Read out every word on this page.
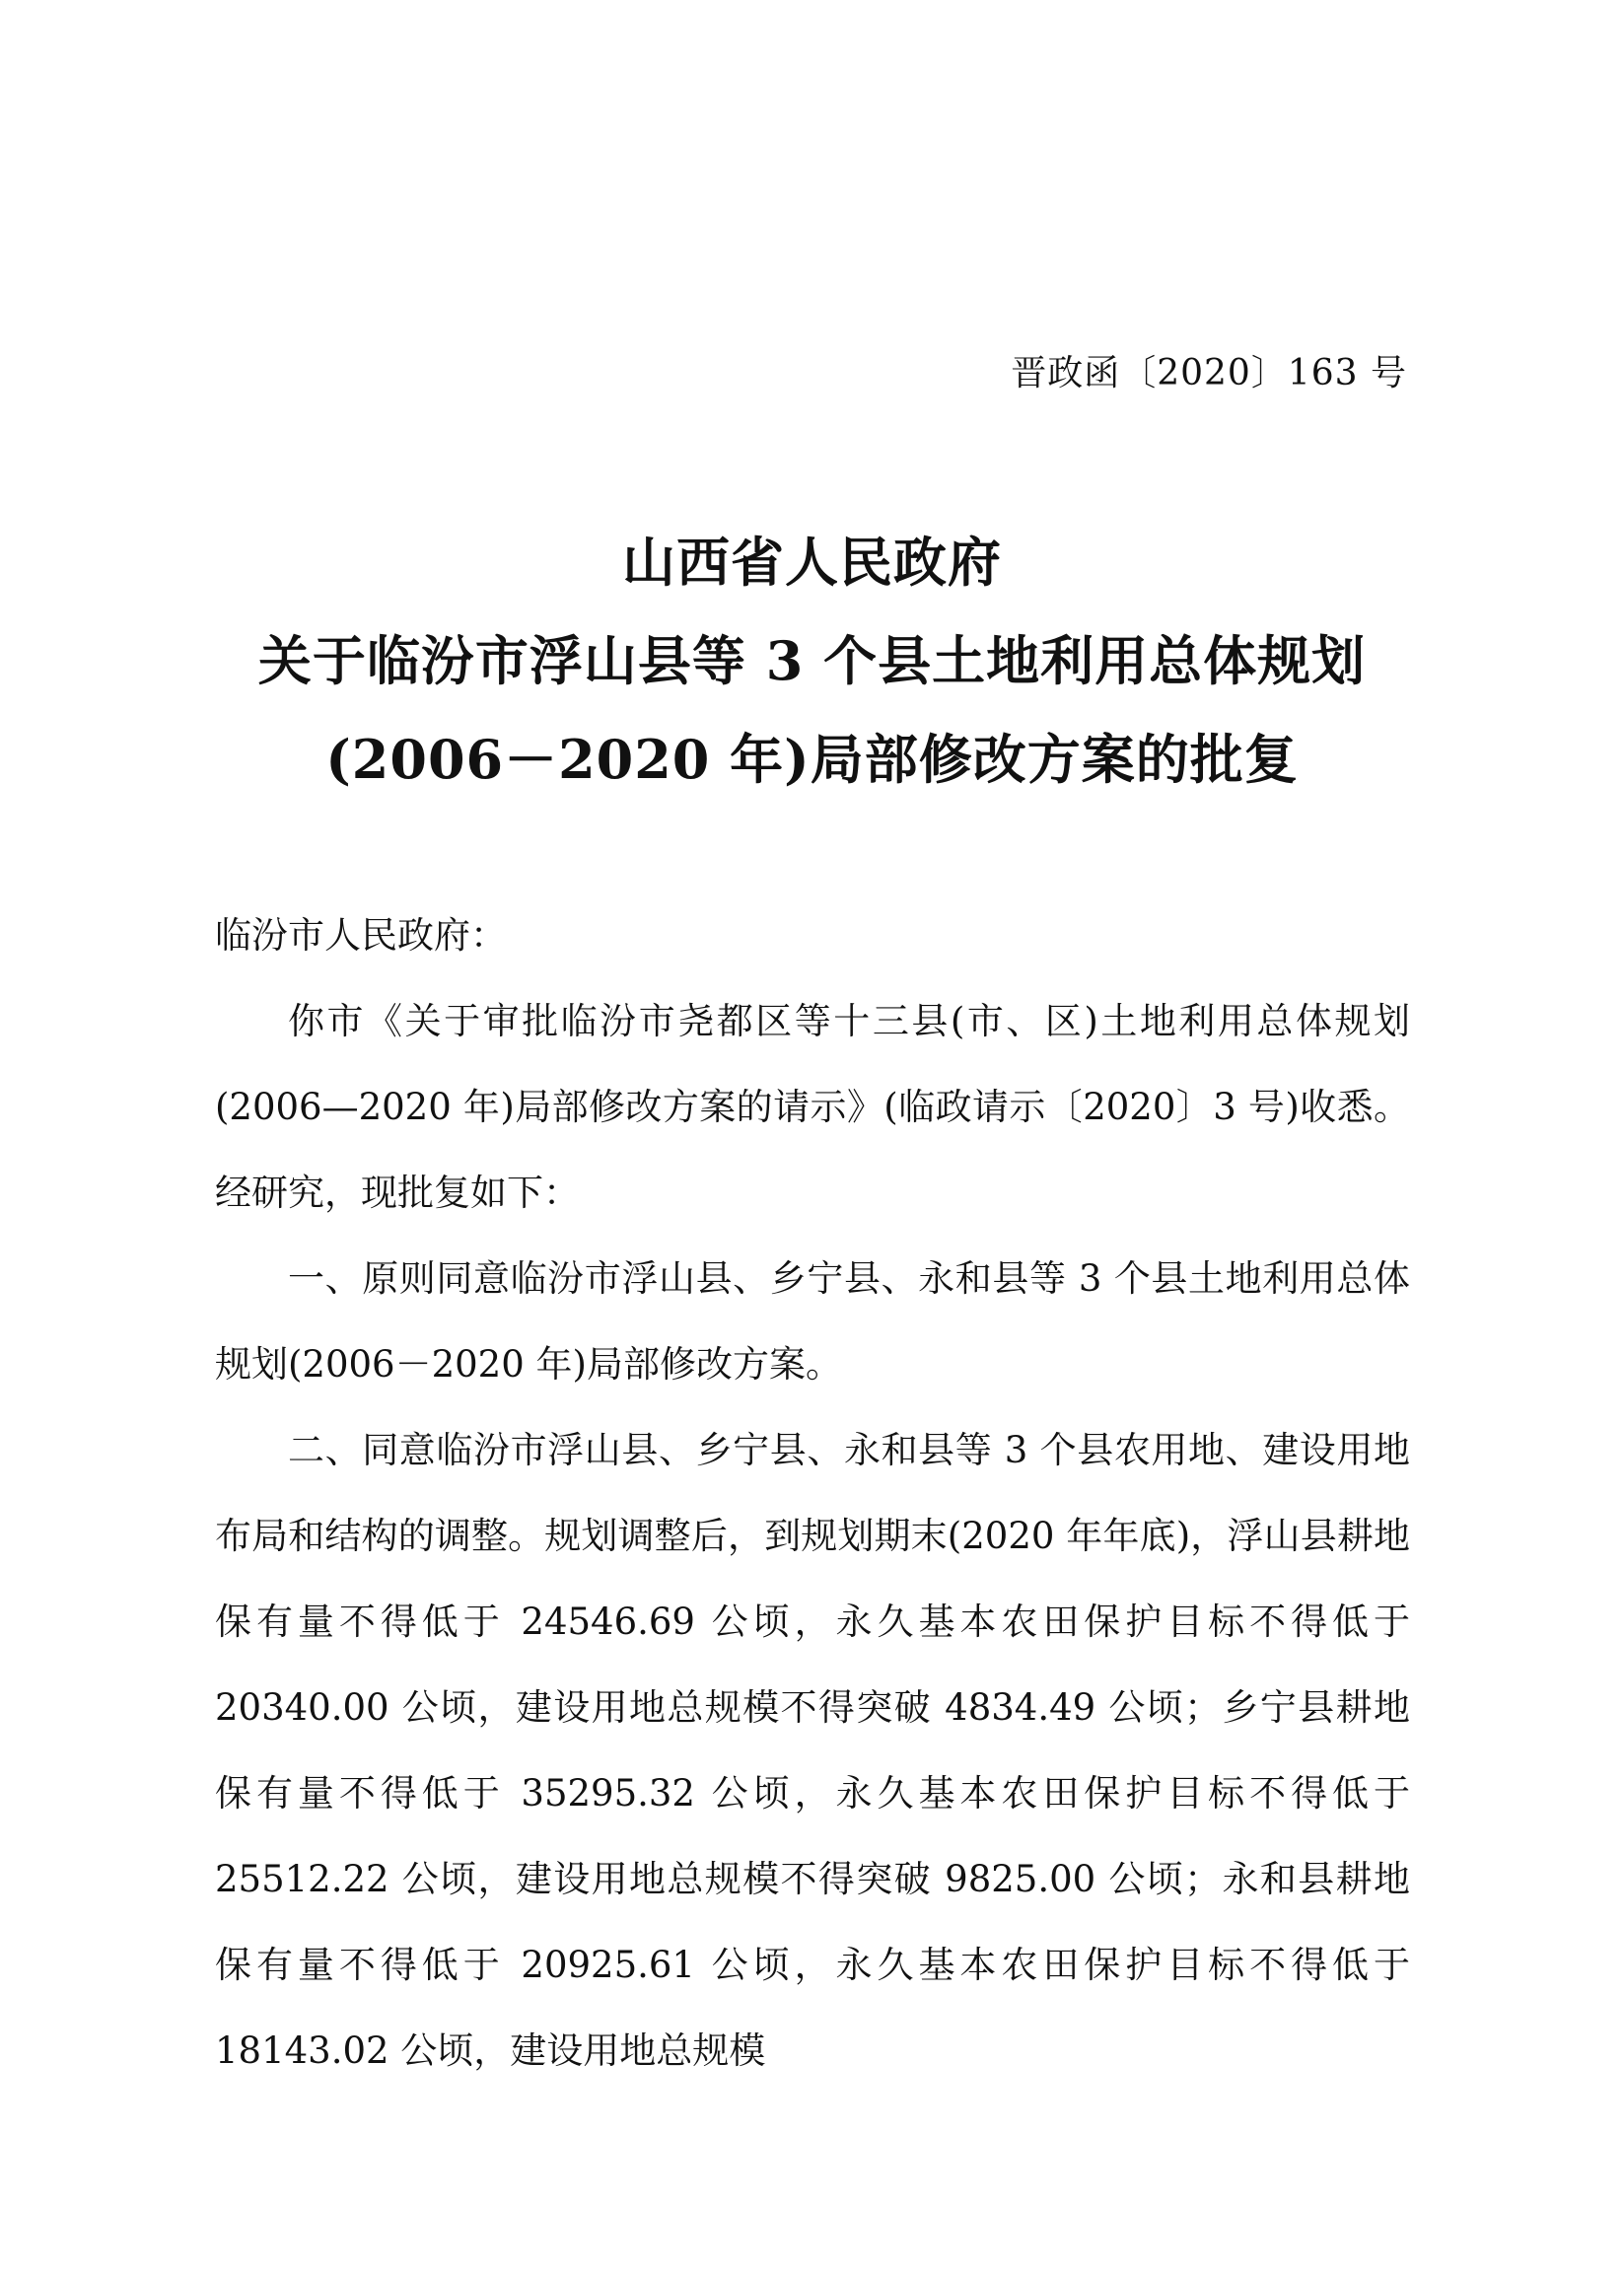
晋政函〔2020〕163 号
山西省人民政府
关于临汾市浮山县等 3 个县土地利用总体规划
(2006－2020 年)局部修改方案的批复

临汾市人民政府：

你市《关于审批临汾市尧都区等十三县(市、区)土地利用总体规划(2006—2020 年)局部修改方案的请示》(临政请示〔2020〕3 号)收悉。经研究，现批复如下：

一、原则同意临汾市浮山县、乡宁县、永和县等 3 个县土地利用总体规划(2006－2020 年)局部修改方案。

二、同意临汾市浮山县、乡宁县、永和县等 3 个县农用地、建设用地布局和结构的调整。规划调整后，到规划期末(2020 年年底)，浮山县耕地保有量不得低于 24546.69 公顷，永久基本农田保护目标不得低于 20340.00 公顷，建设用地总规模不得突破 4834.49 公顷；乡宁县耕地保有量不得低于 35295.32 公顷，永久基本农田保护目标不得低于 25512.22 公顷，建设用地总规模不得突破 9825.00 公顷；永和县耕地保有量不得低于 20925.61 公顷，永久基本农田保护目标不得低于 18143.02 公顷，建设用地总规模
